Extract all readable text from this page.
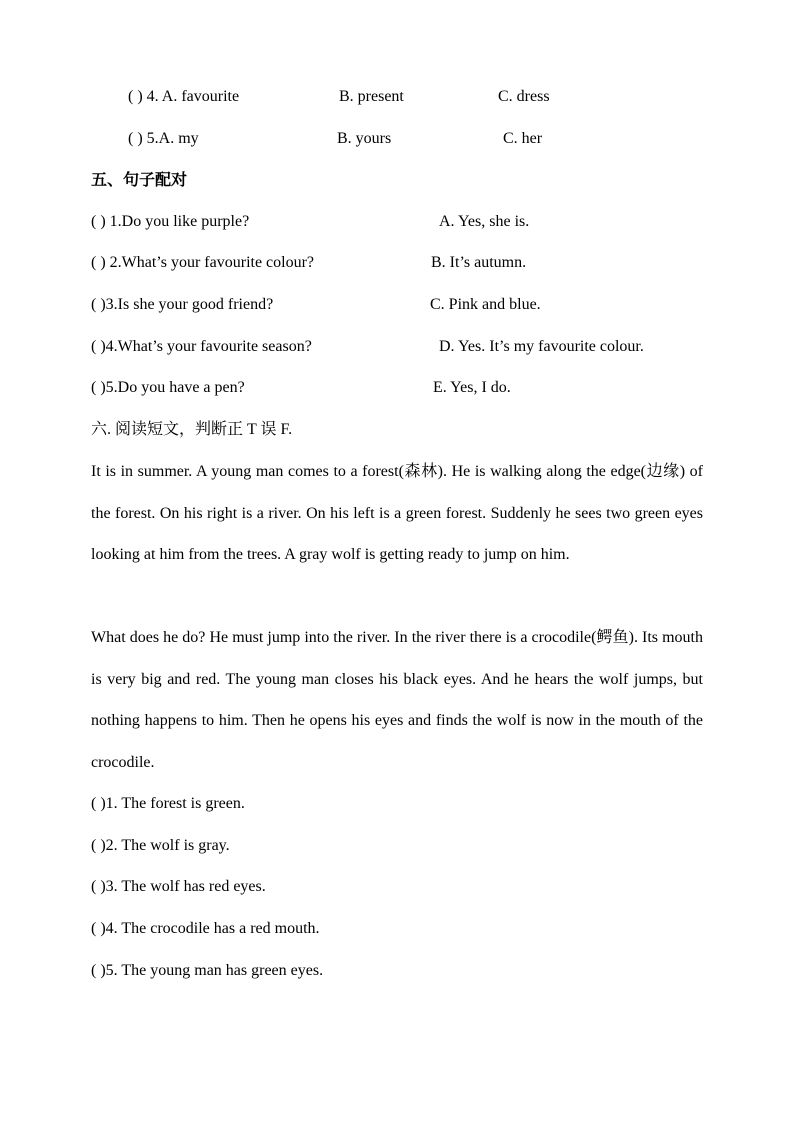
( ) 4. A. favourite	B. present	C. dress
( ) 5.A. my	B. yours	C. her
五、句子配对
( ) 1.Do you like purple?	A. Yes, she is.
( ) 2.What’s your favourite colour?	B. It’s autumn.
( )3.Is she your good friend?	C. Pink and blue.
( )4.What’s your favourite season?	D. Yes. It’s my favourite colour.
( )5.Do you have a pen?	E. Yes, I do.
六. 阅读短文，判断正 T 误 F.
It is in summer. A young man comes to a forest(森林). He is walking along the edge(边缘) of the forest. On his right is a river. On his left is a green forest. Suddenly he sees two green eyes looking at him from the trees. A gray wolf is getting ready to jump on him.
What does he do? He must jump into the river. In the river there is a crocodile(鳄鱼). Its mouth is very big and red. The young man closes his black eyes. And he hears the wolf jumps, but nothing happens to him. Then he opens his eyes and finds the wolf is now in the mouth of the crocodile.
( )1. The forest is green.
( )2. The wolf is gray.
( )3. The wolf has red eyes.
( )4. The crocodile has a red mouth.
( )5. The young man has green eyes.
